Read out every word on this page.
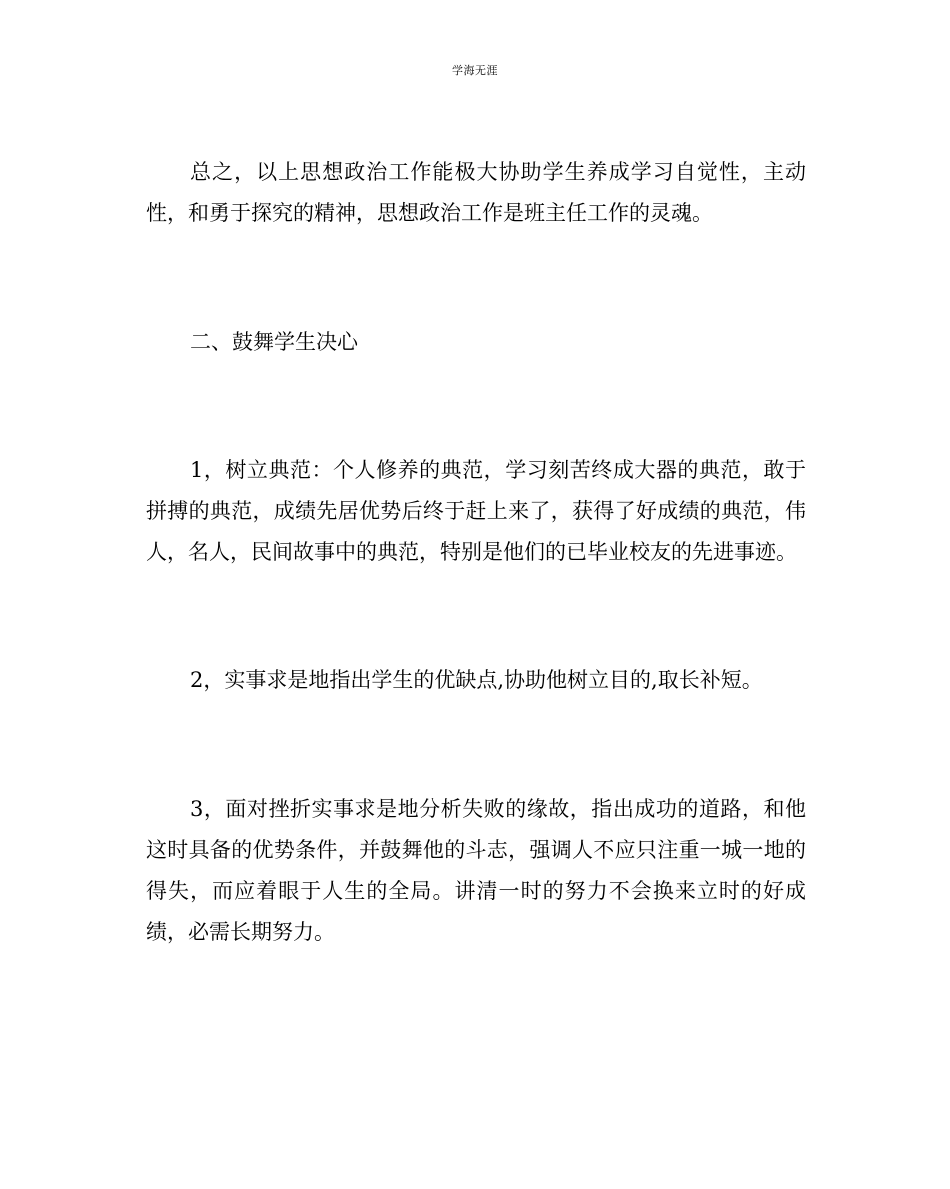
学海无涯

总之，以上思想政治工作能极大协助学生养成学习自觉性，主动性，和勇于探究的精神，思想政治工作是班主任工作的灵魂。

二、鼓舞学生决心

1，树立典范：个人修养的典范，学习刻苦终成大器的典范，敢于拼搏的典范，成绩先居优势后终于赶上来了，获得了好成绩的典范，伟人，名人，民间故事中的典范，特别是他们的已毕业校友的先进事迹。

2，实事求是地指出学生的优缺点,协助他树立目的,取长补短。

3，面对挫折实事求是地分析失败的缘故，指出成功的道路，和他这时具备的优势条件，并鼓舞他的斗志，强调人不应只注重一城一地的得失，而应着眼于人生的全局。讲清一时的努力不会换来立时的好成绩，必需长期努力。
